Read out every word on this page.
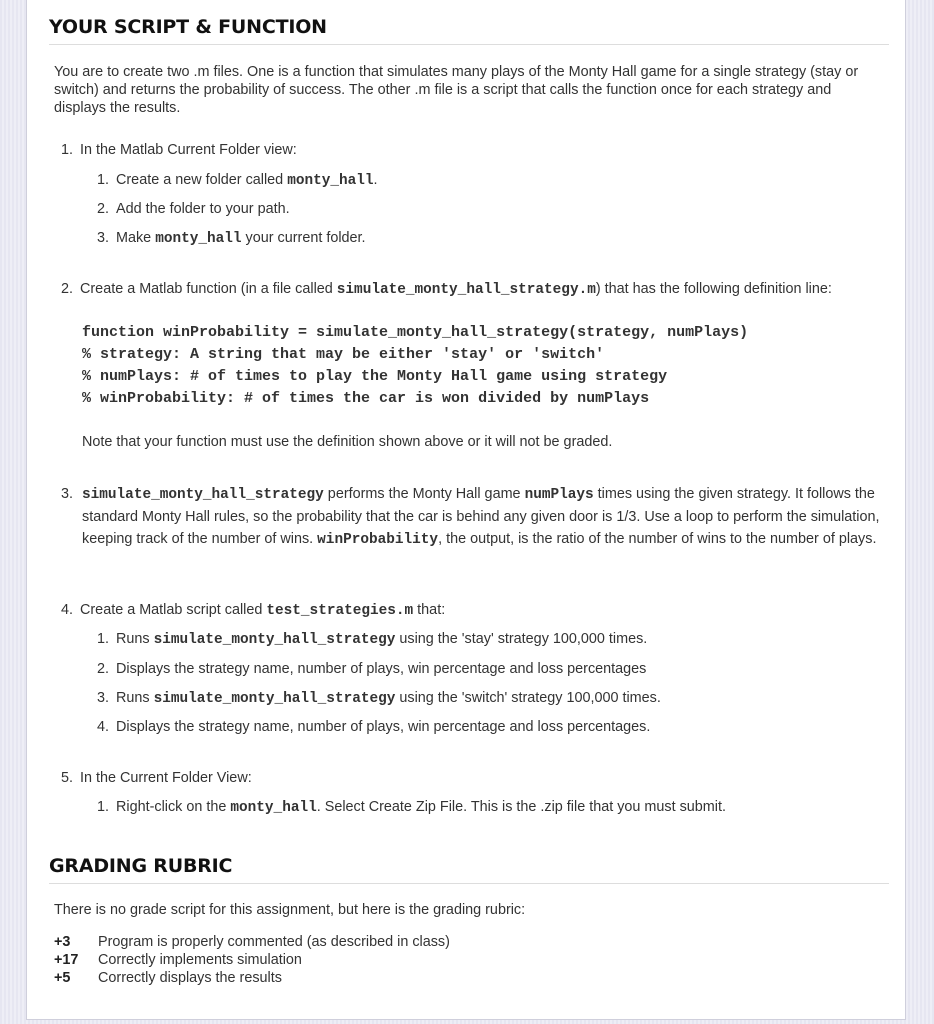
YOUR SCRIPT & FUNCTION
You are to create two .m files. One is a function that simulates many plays of the Monty Hall game for a single strategy (stay or switch) and returns the probability of success. The other .m file is a script that calls the function once for each strategy and displays the results.
1. In the Matlab Current Folder view:
1. Create a new folder called monty_hall.
2. Add the folder to your path.
3. Make monty_hall your current folder.
2. Create a Matlab function (in a file called simulate_monty_hall_strategy.m) that has the following definition line:
function winProbability = simulate_monty_hall_strategy(strategy, numPlays)
% strategy: A string that may be either 'stay' or 'switch'
% numPlays: # of times to play the Monty Hall game using strategy
% winProbability: # of times the car is won divided by numPlays
Note that your function must use the definition shown above or it will not be graded.
3. simulate_monty_hall_strategy performs the Monty Hall game numPlays times using the given strategy. It follows the standard Monty Hall rules, so the probability that the car is behind any given door is 1/3. Use a loop to perform the simulation, keeping track of the number of wins. winProbability, the output, is the ratio of the number of wins to the number of plays.
4. Create a Matlab script called test_strategies.m that:
1. Runs simulate_monty_hall_strategy using the 'stay' strategy 100,000 times.
2. Displays the strategy name, number of plays, win percentage and loss percentages
3. Runs simulate_monty_hall_strategy using the 'switch' strategy 100,000 times.
4. Displays the strategy name, number of plays, win percentage and loss percentages.
5. In the Current Folder View:
1. Right-click on the monty_hall. Select Create Zip File. This is the .zip file that you must submit.
GRADING RUBRIC
There is no grade script for this assignment, but here is the grading rubric:
+3	Program is properly commented (as described in class)
+17	Correctly implements simulation
+5	Correctly displays the results
